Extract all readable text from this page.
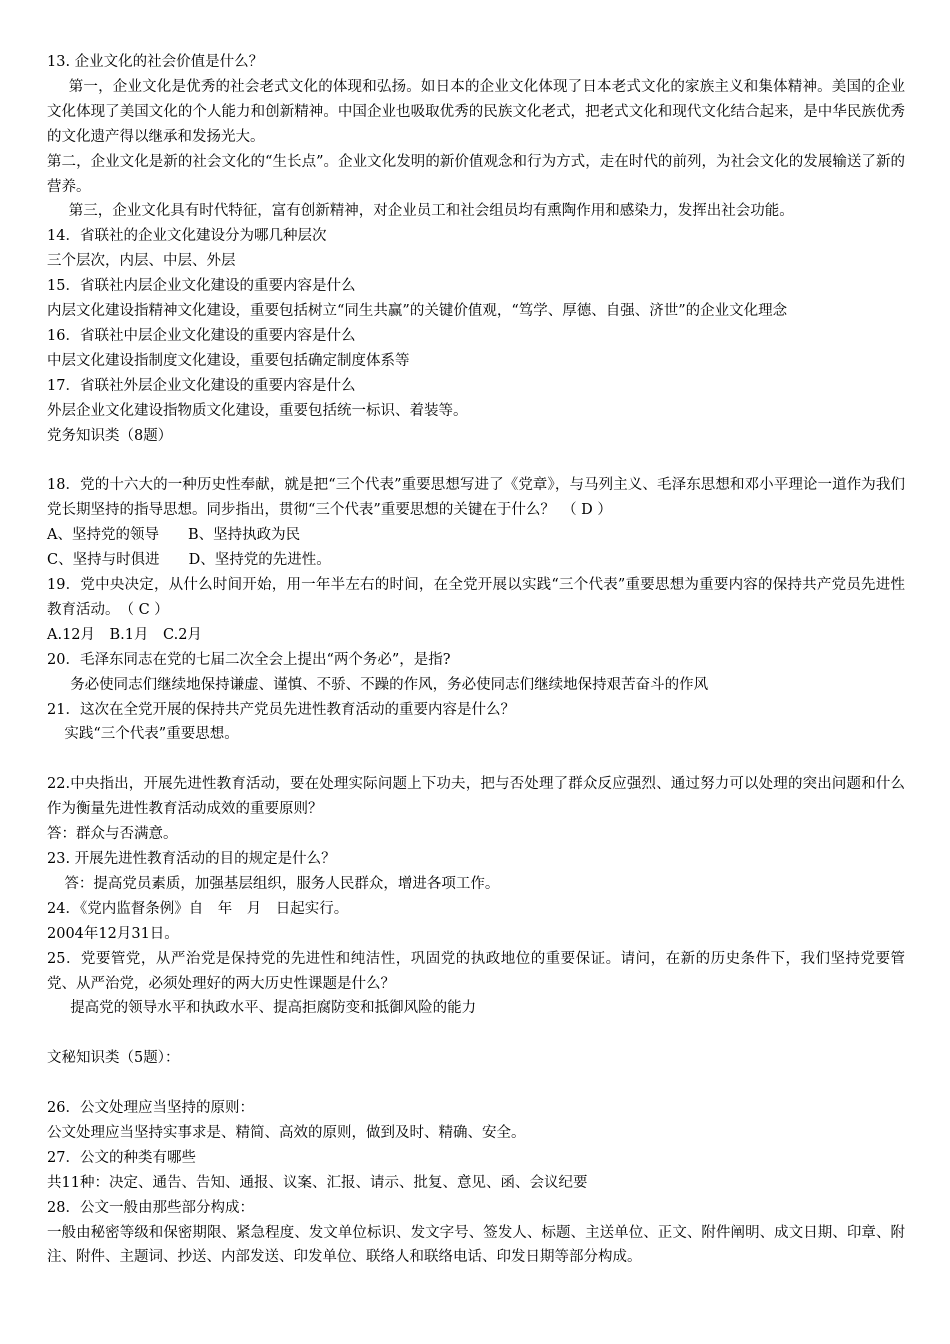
13. 企业文化的社会价值是什么？

第一，企业文化是优秀的社会老式文化的体现和弘扬。如日本的企业文化体现了日本老式文化的家族主义和集体精神。美国的企业文化体现了美国文化的个人能力和创新精神。中国企业也吸取优秀的民族文化老式，把老式文化和现代文化结合起来，是中华民族优秀的文化遗产得以继承和发扬光大。

第二，企业文化是新的社会文化的“生长点”。企业文化发明的新价值观念和行为方式，走在时代的前列，为社会文化的发展输送了新的营养。

第三，企业文化具有时代特征，富有创新精神，对企业员工和社会组员均有熏陶作用和感染力，发挥出社会功能。

14．省联社的企业文化建设分为哪几种层次

三个层次，内层、中层、外层

15．省联社内层企业文化建设的重要内容是什么

内层文化建设指精神文化建设，重要包括树立“同生共赢”的关键价值观，“笃学、厚德、自强、济世”的企业文化理念

16．省联社中层企业文化建设的重要内容是什么

中层文化建设指制度文化建设，重要包括确定制度体系等

17．省联社外层企业文化建设的重要内容是什么

外层企业文化建设指物质文化建设，重要包括统一标识、着装等。

党务知识类（8题）

18．党的十六大的一种历史性奉献，就是把“三个代表”重要思想写进了《党章》，与马列主义、毛泽东思想和邓小平理论一道作为我们党长期坚持的指导思想。同步指出，贯彻“三个代表”重要思想的关键在于什么？　（ D ）

A、坚持党的领导　　B、坚持执政为民

C、坚持与时俱进　　D、坚持党的先进性。

19．党中央决定，从什么时间开始，用一年半左右的时间，在全党开展以实践“三个代表”重要思想为重要内容的保持共产党员先进性教育活动。　（ C ）

A.12月　B.1月　C.2月

20．毛泽东同志在党的七届二次全会上提出“两个务必”，是指?

务必使同志们继续地保持谦虚、谨慎、不骄、不躁的作风，务必使同志们继续地保持艰苦奋斗的作风

21．这次在全党开展的保持共产党员先进性教育活动的重要内容是什么？

实践“三个代表”重要思想。

22.中央指出，开展先进性教育活动，要在处理实际问题上下功夫，把与否处理了群众反应强烈、通过努力可以处理的突出问题和什么作为衡量先进性教育活动成效的重要原则？

答：群众与否满意。

23. 开展先进性教育活动的目的规定是什么？

答：提高党员素质，加强基层组织，服务人民群众，增进各项工作。

24．《党内监督条例》自　年　月　日起实行。

2004年12月31日。

25．党要管党，从严治党是保持党的先进性和纯洁性，巩固党的执政地位的重要保证。请问，在新的历史条件下，我们坚持党要管党、从严治党，必须处理好的两大历史性课题是什么？

提高党的领导水平和执政水平、提高拒腐防变和抵御风险的能力

文秘知识类（5题）：

26．公文处理应当坚持的原则：

公文处理应当坚持实事求是、精简、高效的原则，做到及时、精确、安全。

27．公文的种类有哪些

共11种：决定、通告、告知、通报、议案、汇报、请示、批复、意见、函、会议纪要

28．公文一般由那些部分构成：

一般由秘密等级和保密期限、紧急程度、发文单位标识、发文字号、签发人、标题、主送单位、正文、附件阐明、成文日期、印章、附注、附件、主题词、抄送、内部发送、印发单位、联络人和联络电话、印发日期等部分构成。
